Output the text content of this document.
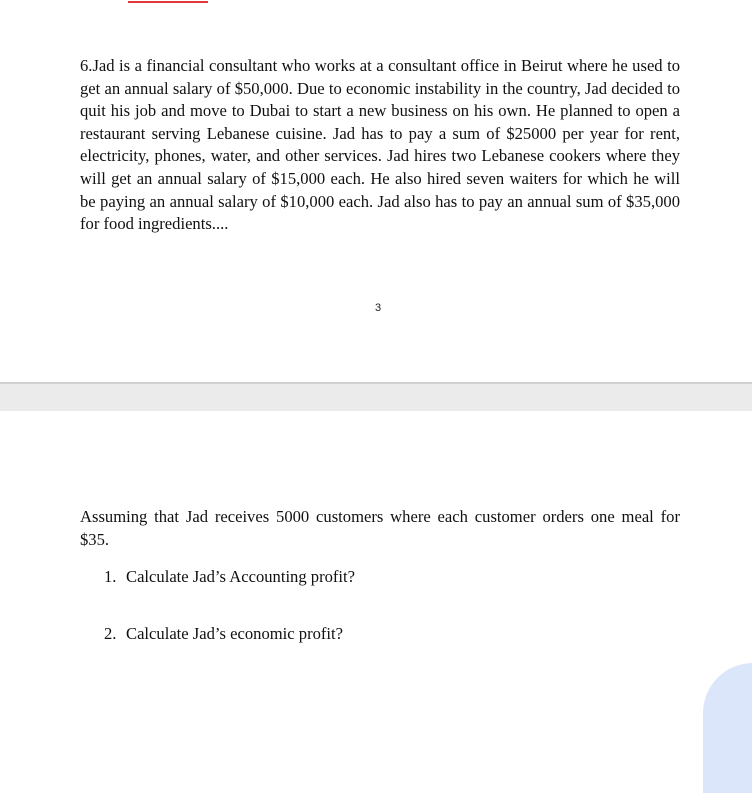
6.Jad is a financial consultant who works at a consultant office in Beirut where he used to get an annual salary of $50,000. Due to economic instability in the country, Jad decided to quit his job and move to Dubai to start a new business on his own. He planned to open a restaurant serving Lebanese cuisine. Jad has to pay a sum of $25000 per year for rent, electricity, phones, water, and other services. Jad hires two Lebanese cookers where they will get an annual salary of $15,000 each. He also hired seven waiters for which he will be paying an annual salary of $10,000 each. Jad also has to pay an annual sum of $35,000 for food ingredients....

3

Assuming that Jad receives 5000 customers where each customer orders one meal for $35.

1. Calculate Jad’s Accounting profit?

2. Calculate Jad’s economic profit?
